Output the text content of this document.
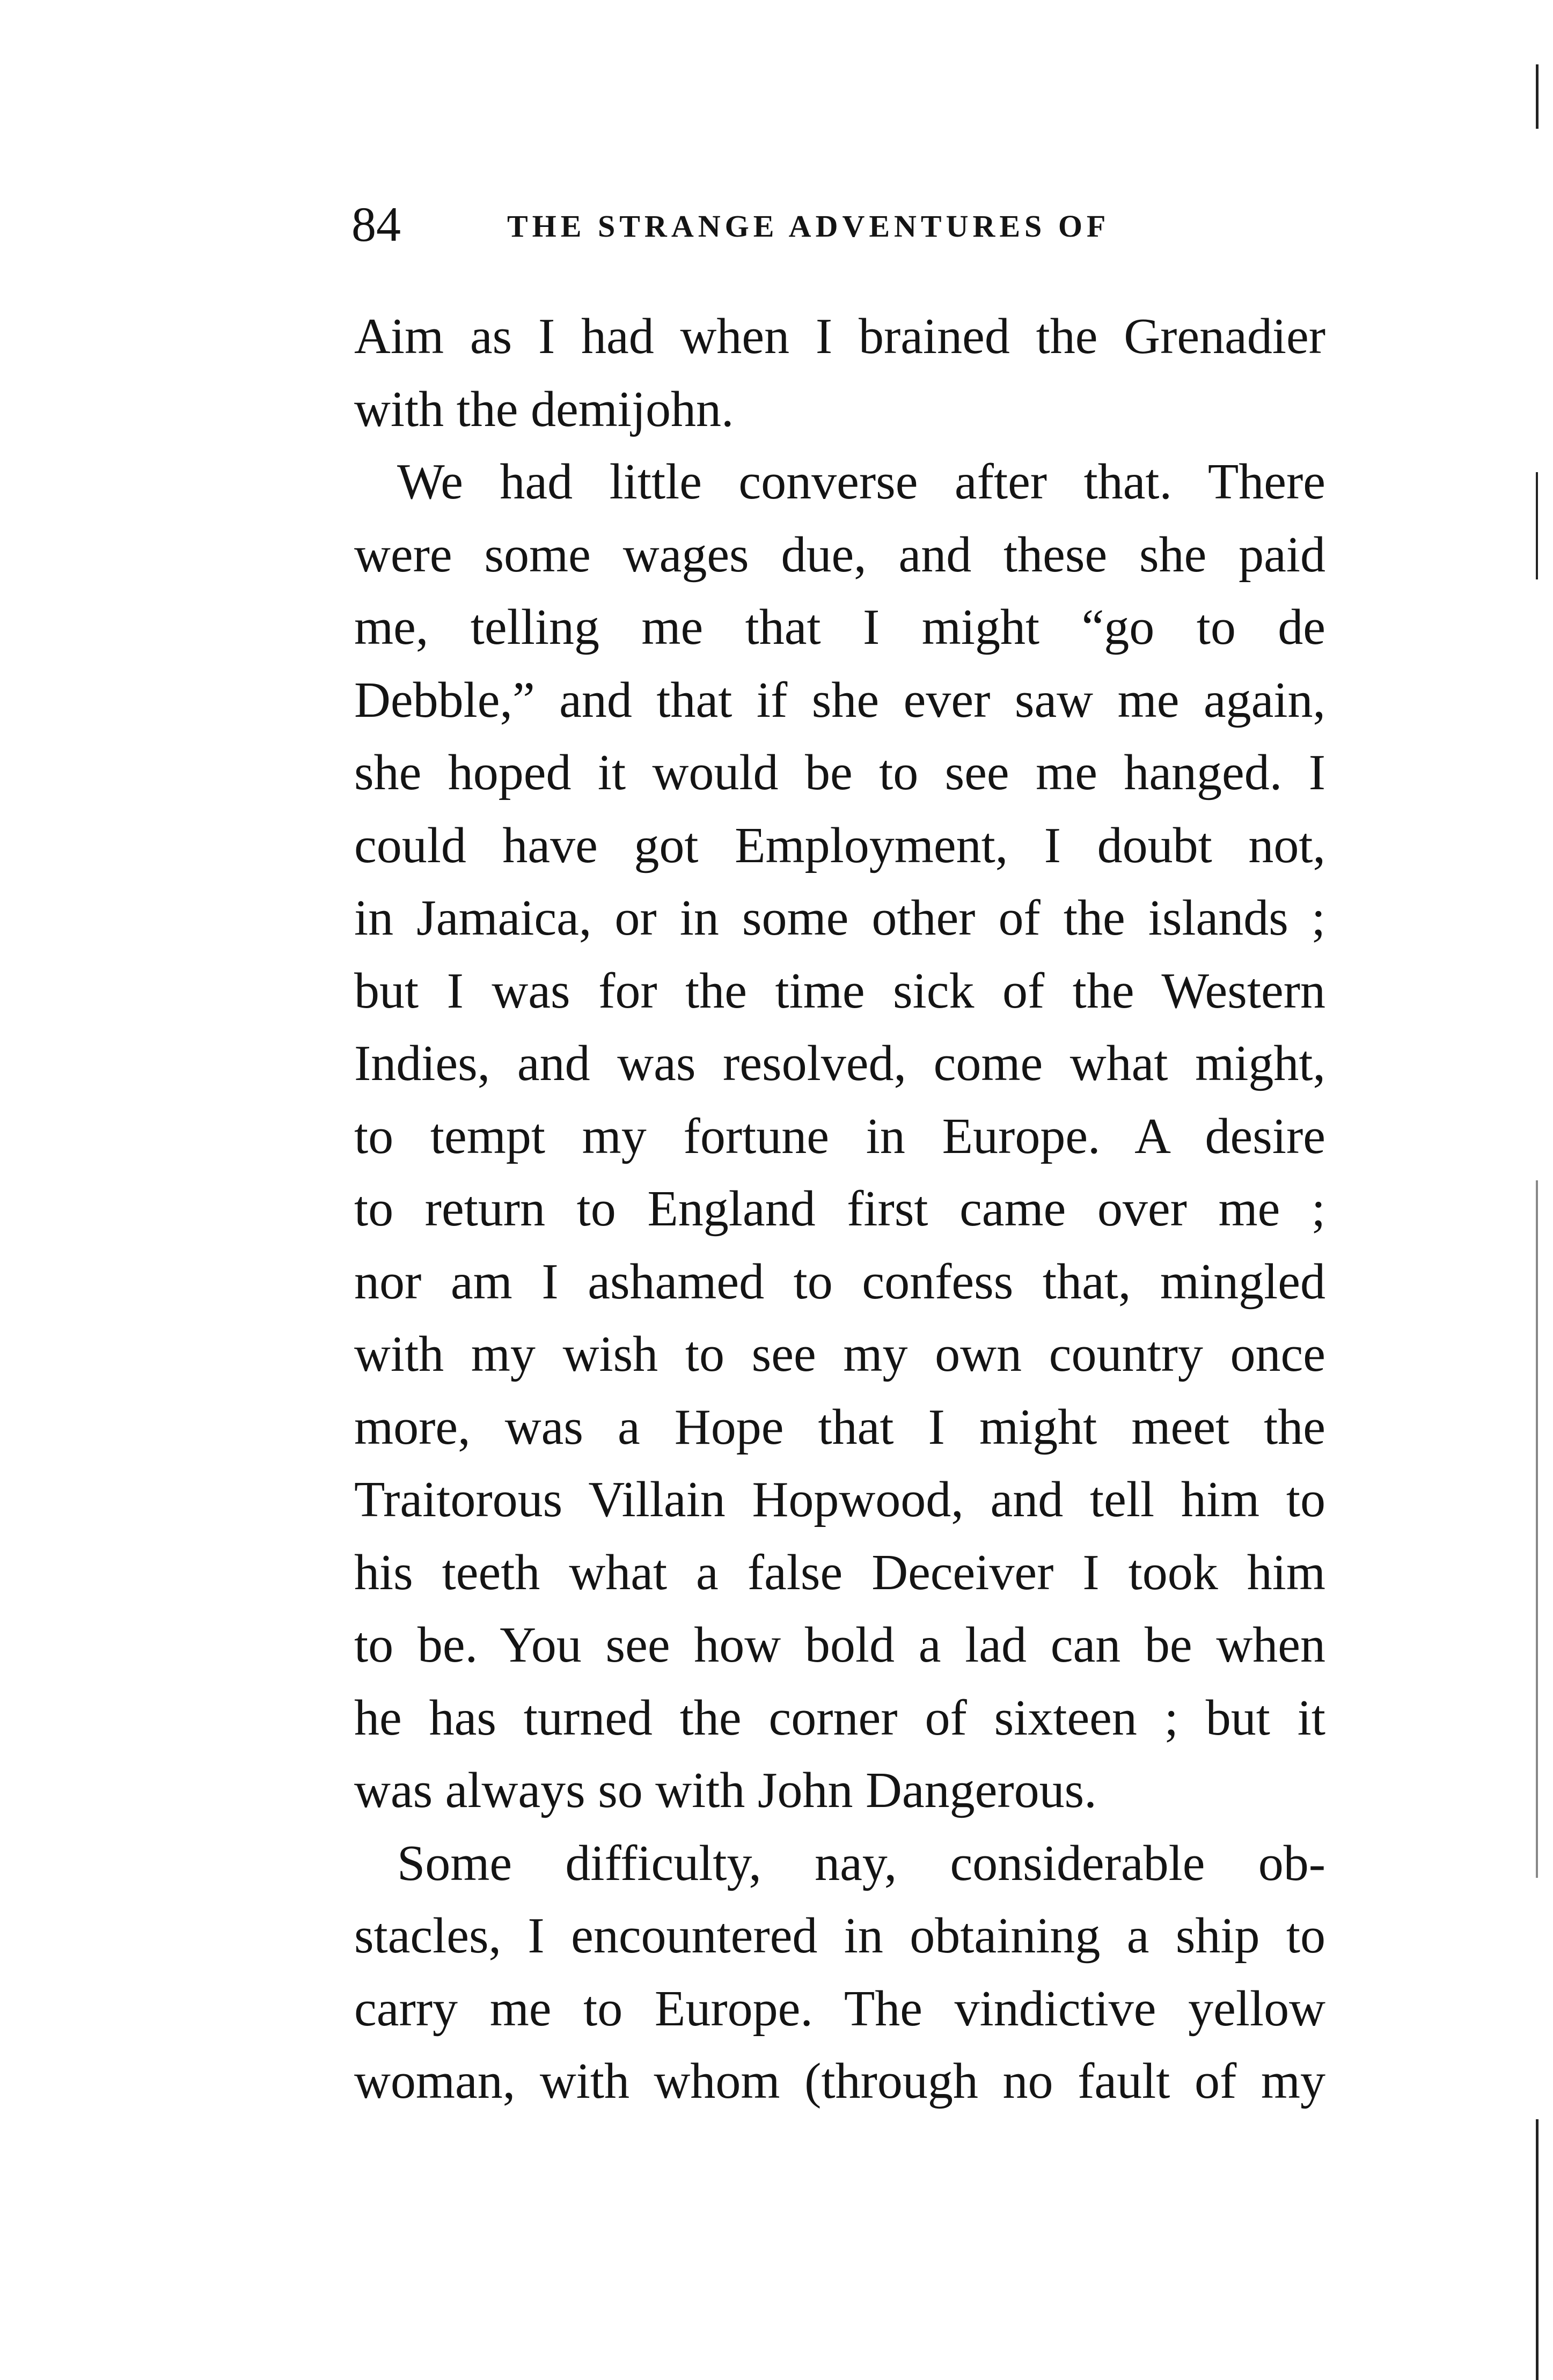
84	THE STRANGE ADVENTURES OF
Aim as I had when I brained the Grenadier
with the demijohn.
We had little converse after that. There
were some wages due, and these she paid
me, telling me that I might “go to de
Debble,” and that if she ever saw me again,
she hoped it would be to see me hanged. I
could have got Employment, I doubt not,
in Jamaica, or in some other of the islands ;
but I was for the time sick of the Western
Indies, and was resolved, come what might,
to tempt my fortune in Europe. A desire
to return to England first came over me ;
nor am I ashamed to confess that, mingled
with my wish to see my own country once
more, was a Hope that I might meet the
Traitorous Villain Hopwood, and tell him to
his teeth what a false Deceiver I took him
to be. You see how bold a lad can be when
he has turned the corner of sixteen ; but it
was always so with John Dangerous.
Some difficulty, nay, considerable ob-
stacles, I encountered in obtaining a ship to
carry me to Europe. The vindictive yellow
woman, with whom (through no fault of my
